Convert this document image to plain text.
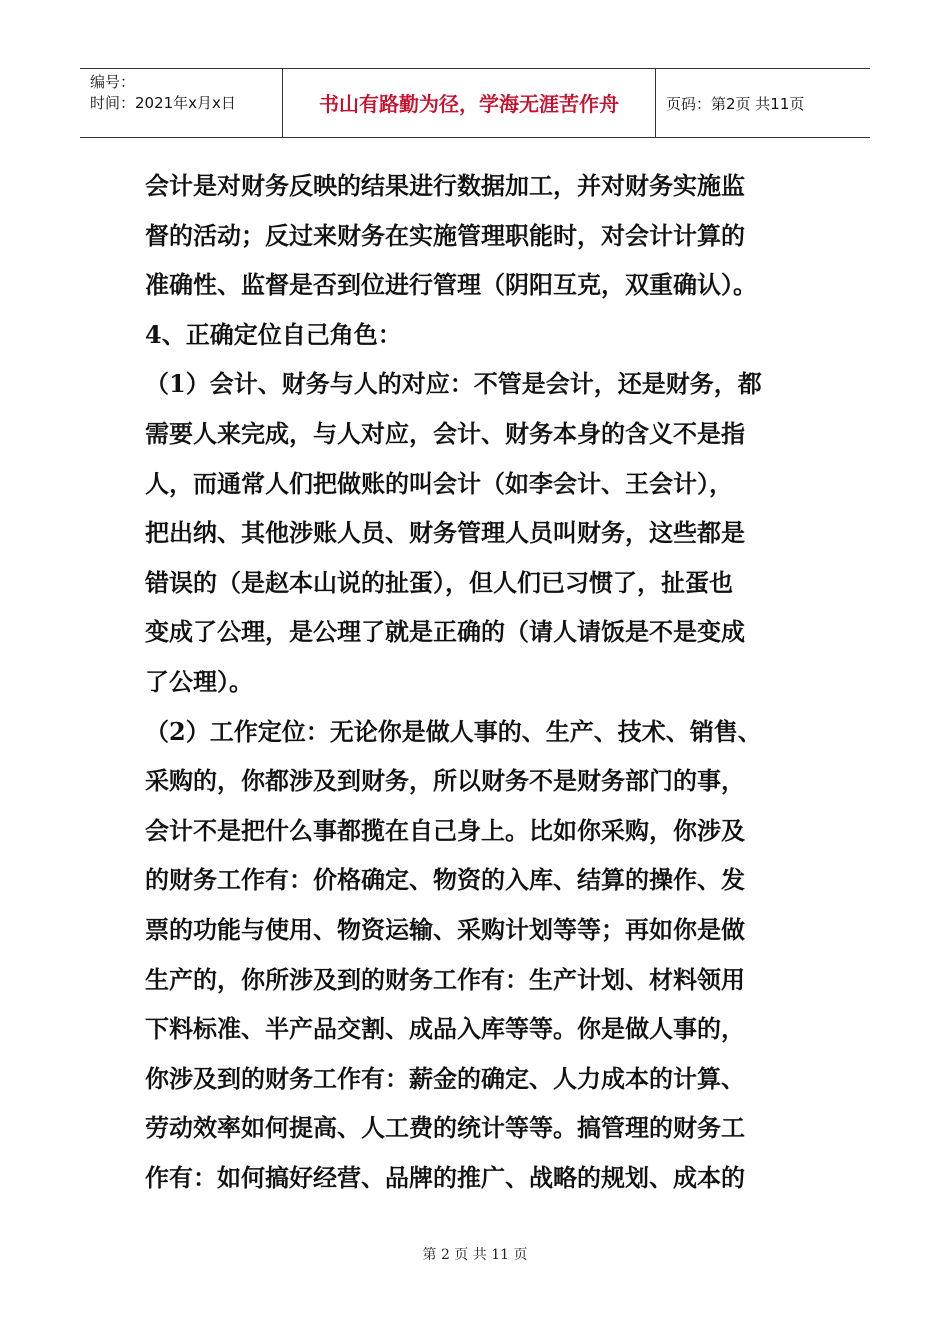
编号：
时间：2021年x月x日	书山有路勤为径，学海无涯苦作舟	页码：第2页 共11页
会计是对财务反映的结果进行数据加工，并对财务实施监
督的活动；反过来财务在实施管理职能时，对会计计算的
准确性、监督是否到位进行管理（阴阳互克，双重确认）。
4、正确定位自己角色：
（1）会计、财务与人的对应：不管是会计，还是财务，都
需要人来完成，与人对应，会计、财务本身的含义不是指
人，而通常人们把做账的叫会计（如李会计、王会计），
把出纳、其他涉账人员、财务管理人员叫财务，这些都是
错误的（是赵本山说的扯蛋），但人们已习惯了，扯蛋也
变成了公理，是公理了就是正确的（请人请饭是不是变成
了公理）。
（2）工作定位：无论你是做人事的、生产、技术、销售、
采购的，你都涉及到财务，所以财务不是财务部门的事，
会计不是把什么事都揽在自己身上。比如你采购，你涉及
的财务工作有：价格确定、物资的入库、结算的操作、发
票的功能与使用、物资运输、采购计划等等；再如你是做
生产的，你所涉及到的财务工作有：生产计划、材料领用
下料标准、半产品交割、成品入库等等。你是做人事的，
你涉及到的财务工作有：薪金的确定、人力成本的计算、
劳动效率如何提高、人工费的统计等等。搞管理的财务工
作有：如何搞好经营、品牌的推广、战略的规划、成本的
第 2 页 共 11 页
